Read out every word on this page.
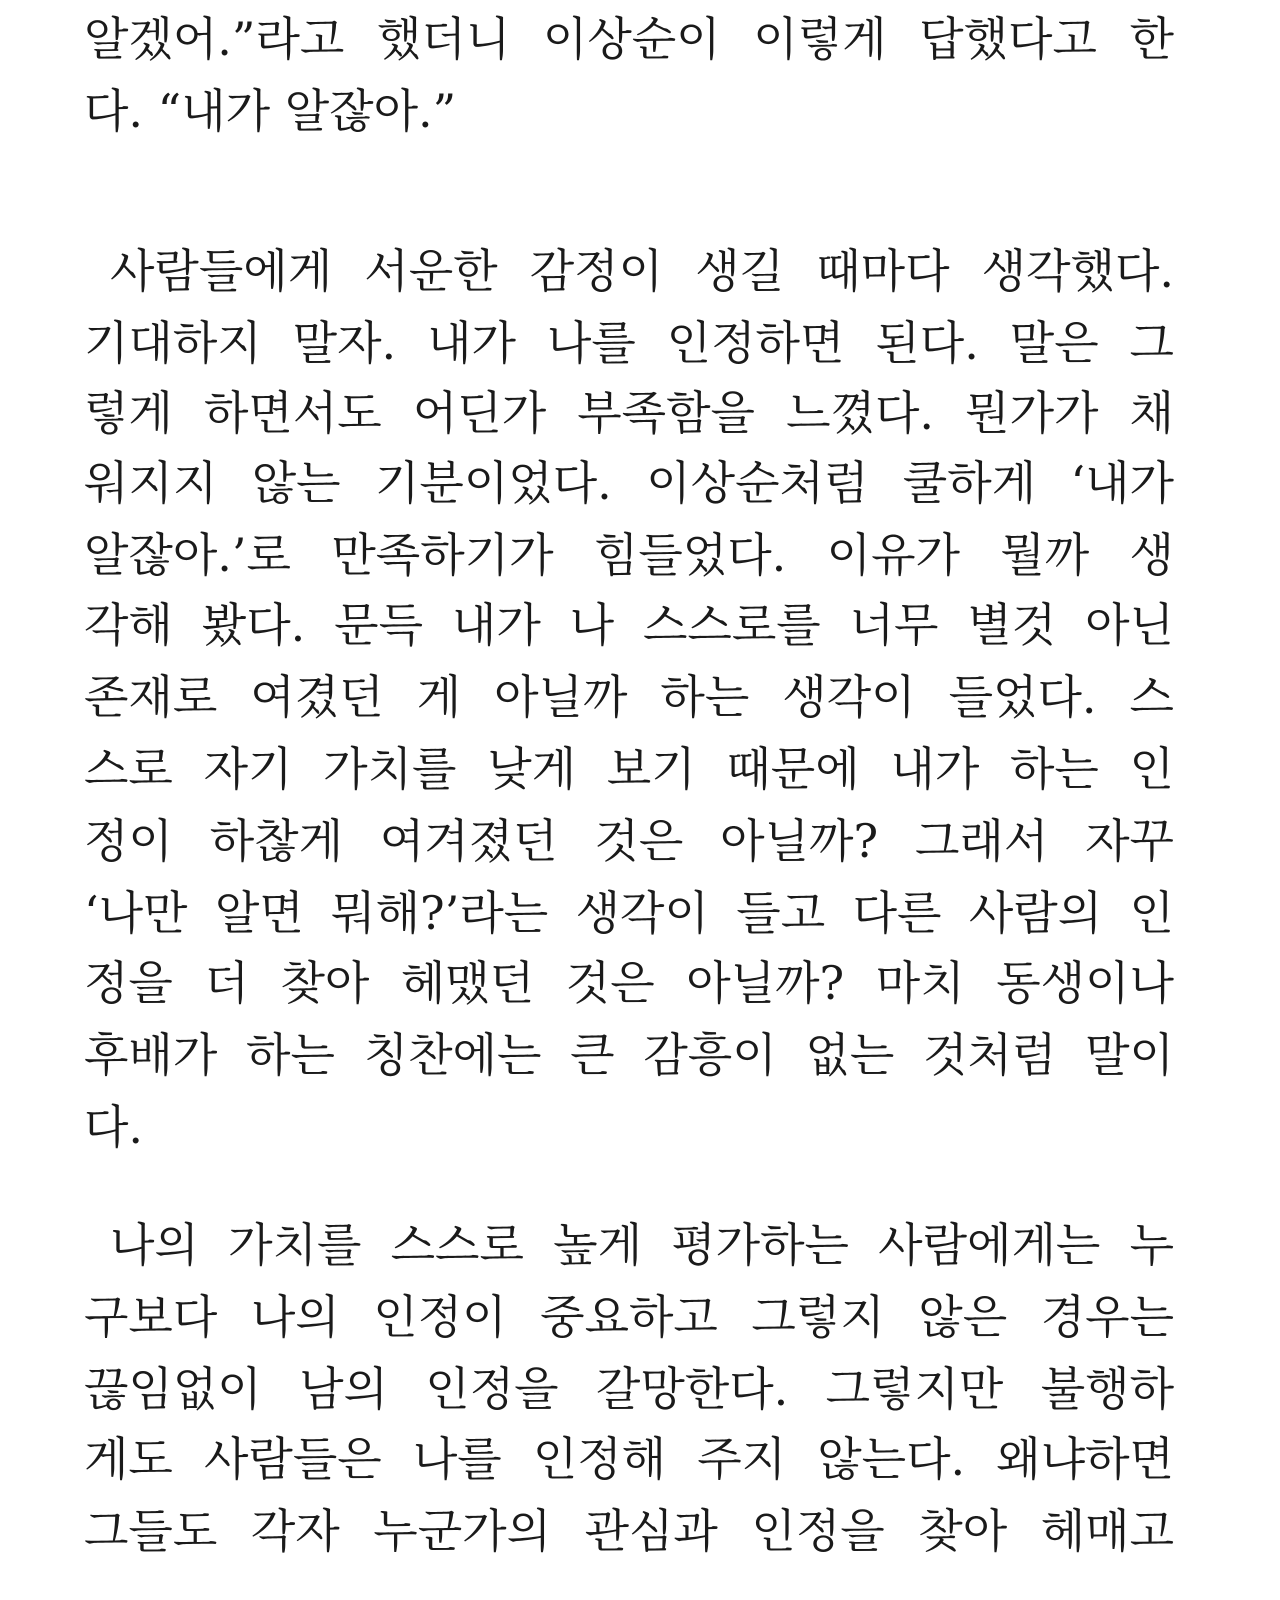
알겠어.”라고 했더니 이상순이 이렇게 답했다고 한
다. “내가 알잖아.”
사람들에게 서운한 감정이 생길 때마다 생각했다.
기대하지 말자. 내가 나를 인정하면 된다. 말은 그
렇게 하면서도 어딘가 부족함을 느꼈다. 뭔가가 채
워지지 않는 기분이었다. 이상순처럼 쿨하게 ‘내가
알잖아.’로 만족하기가 힘들었다. 이유가 뭘까 생
각해 봤다. 문득 내가 나 스스로를 너무 별것 아닌
존재로 여겼던 게 아닐까 하는 생각이 들었다. 스
스로 자기 가치를 낮게 보기 때문에 내가 하는 인
정이 하찮게 여겨졌던 것은 아닐까? 그래서 자꾸
‘나만 알면 뭐해?’라는 생각이 들고 다른 사람의 인
정을 더 찾아 헤맸던 것은 아닐까? 마치 동생이나
후배가 하는 칭찬에는 큰 감흥이 없는 것처럼 말이
다.
나의 가치를 스스로 높게 평가하는 사람에게는 누
구보다 나의 인정이 중요하고 그렇지 않은 경우는
끊임없이 남의 인정을 갈망한다. 그렇지만 불행하
게도 사람들은 나를 인정해 주지 않는다. 왜냐하면
그들도 각자 누군가의 관심과 인정을 찾아 헤매고
